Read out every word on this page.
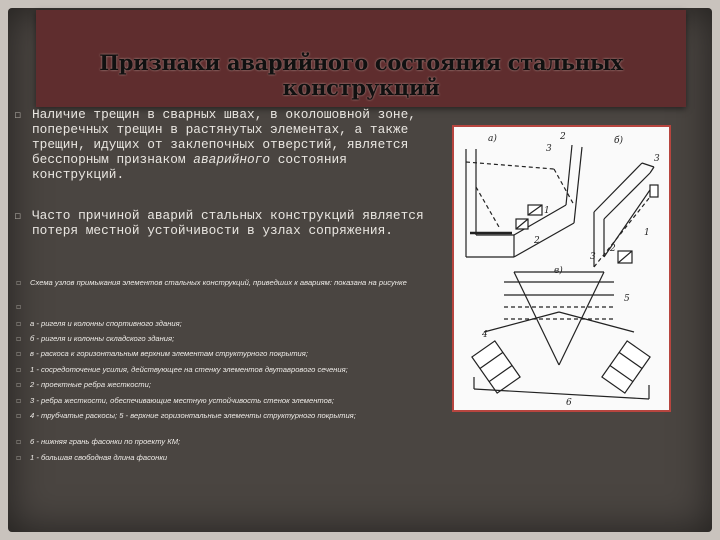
Признаки аварийного состояния стальных конструкций
▫ Наличие трещин в сварных швах, в околошовной зоне, поперечных трещин в растянутых элементах, а также трещин, идущих от заклепочных отверстий, является бесспорным признаком аварийного состояния конструкций.
▫ Часто причиной аварий стальных конструкций является потеря местной устойчивости в узлах сопряжения.
▫ Схема узлов примыкания элементов стальных конструкций, приведших к авариям: показана на рисунке
▫
▫ а - ригеля и колонны спортивного здания;
▫ б - ригеля и колонны складского здания;
▫ в - раскоса к горизонтальным верхним элементам структурного покрытия;
▫ 1 - сосредоточение усилия, действующее на стенку элементов двутаврового сечения;
▫ 2 - проектные ребра жесткости;
▫ 3 - ребра жесткости, обеспечивающие местную устойчивость стенок элементов;
▫ 4 - трубчатые раскосы; 5 - верхние горизонтальные элементы структурного покрытия;
▫ 6 - нижняя грань фасонки по проекту КМ;
▫ 1 - большая свободная длина фасонки
а)	б)
в)
2
3
1
2
3
1
2
3
5
4
6
